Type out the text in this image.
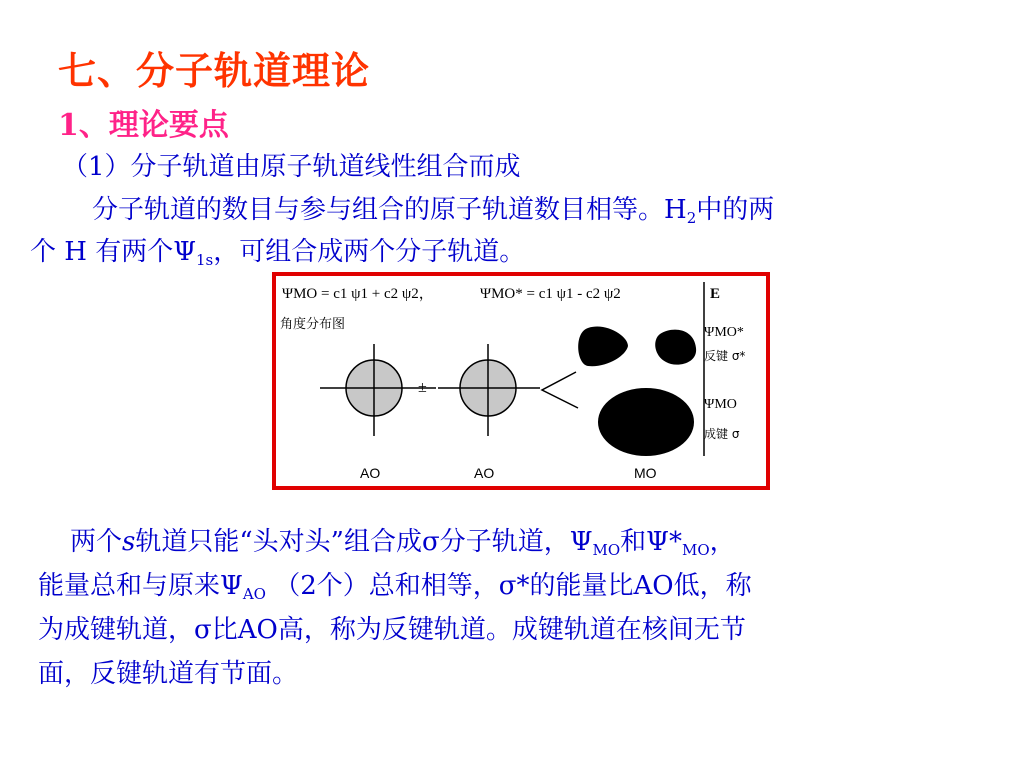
七、分子轨道理论
1、理论要点
（1）分子轨道由原子轨道线性组合而成
分子轨道的数目与参与组合的原子轨道数目相等。$H_2$中的两
个 H 有两个$\Psi_{1s}$，可组合成两个分子轨道。
ΨMO = c1 ψ1 + c2 ψ2，	ΨMO* = c1 ψ1 - c2 ψ2
角度分布图
±
E
ΨMO*
反键 σ*
ΨMO
成键 σ
AO	AO	MO
两个s轨道只能“头对头”组合成σ分子轨道，$\Psi_{MO}$和$\Psi*_{MO}$，
能量总和与原来$\Psi_{AO}$ （2个）总和相等，σ*的能量比AO低，称
为成键轨道，σ比AO高，称为反键轨道。成键轨道在核间无节
面，反键轨道有节面。
